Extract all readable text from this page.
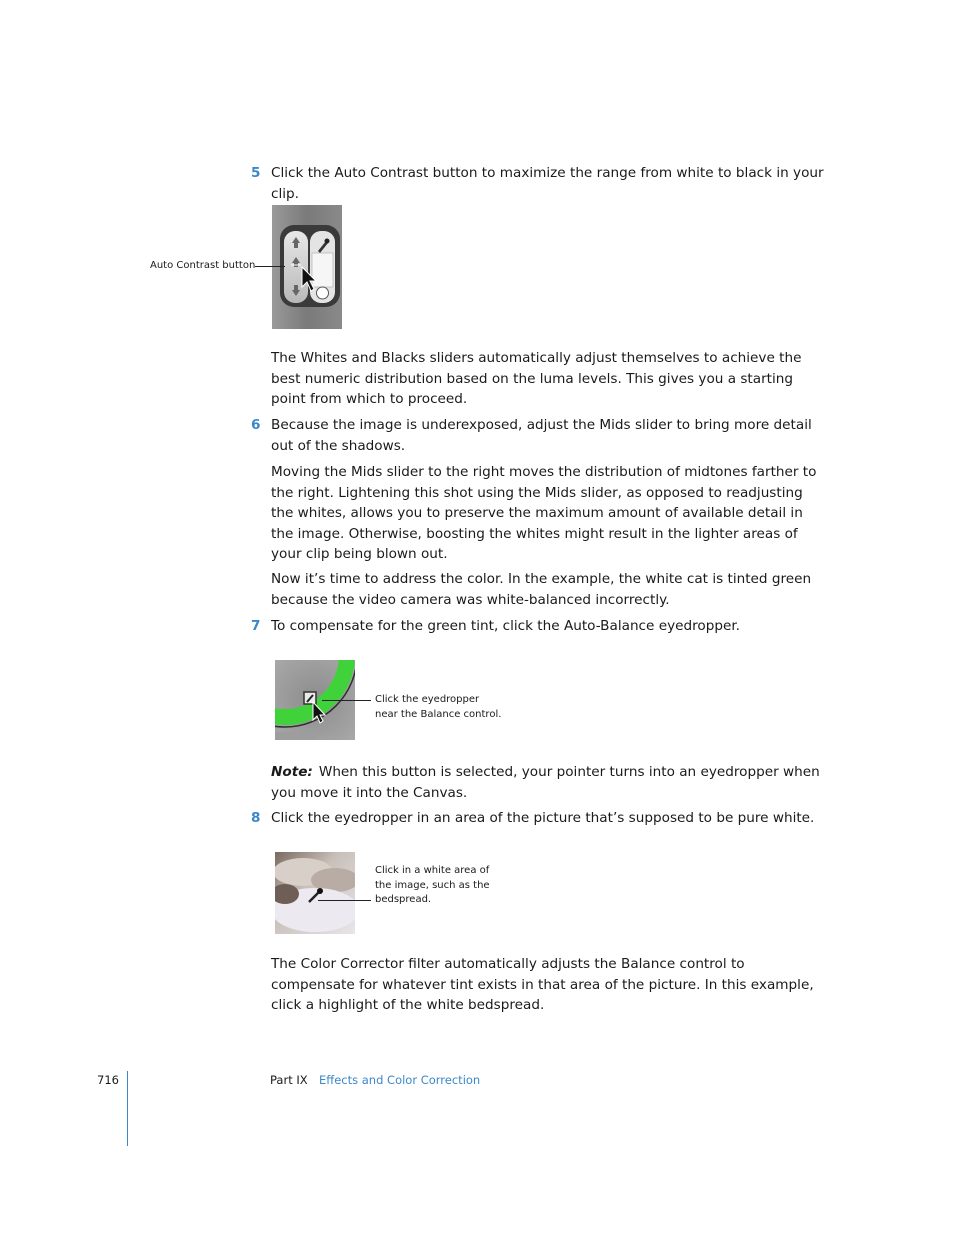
5 Click the Auto Contrast button to maximize the range from white to black in your clip.
Auto Contrast button
The Whites and Blacks sliders automatically adjust themselves to achieve the best numeric distribution based on the luma levels. This gives you a starting point from which to proceed.
6 Because the image is underexposed, adjust the Mids slider to bring more detail out of the shadows.
Moving the Mids slider to the right moves the distribution of midtones farther to the right. Lightening this shot using the Mids slider, as opposed to readjusting the whites, allows you to preserve the maximum amount of available detail in the image. Otherwise, boosting the whites might result in the lighter areas of your clip being blown out.
Now it’s time to address the color. In the example, the white cat is tinted green because the video camera was white-balanced incorrectly.
7 To compensate for the green tint, click the Auto-Balance eyedropper.
Click the eyedropper
near the Balance control.
Note: When this button is selected, your pointer turns into an eyedropper when you move it into the Canvas.
8 Click the eyedropper in an area of the picture that’s supposed to be pure white.
Click in a white area of
the image, such as the
bedspread.
The Color Corrector filter automatically adjusts the Balance control to compensate for whatever tint exists in that area of the picture. In this example, click a highlight of the white bedspread.
716	Part IX Effects and Color Correction
